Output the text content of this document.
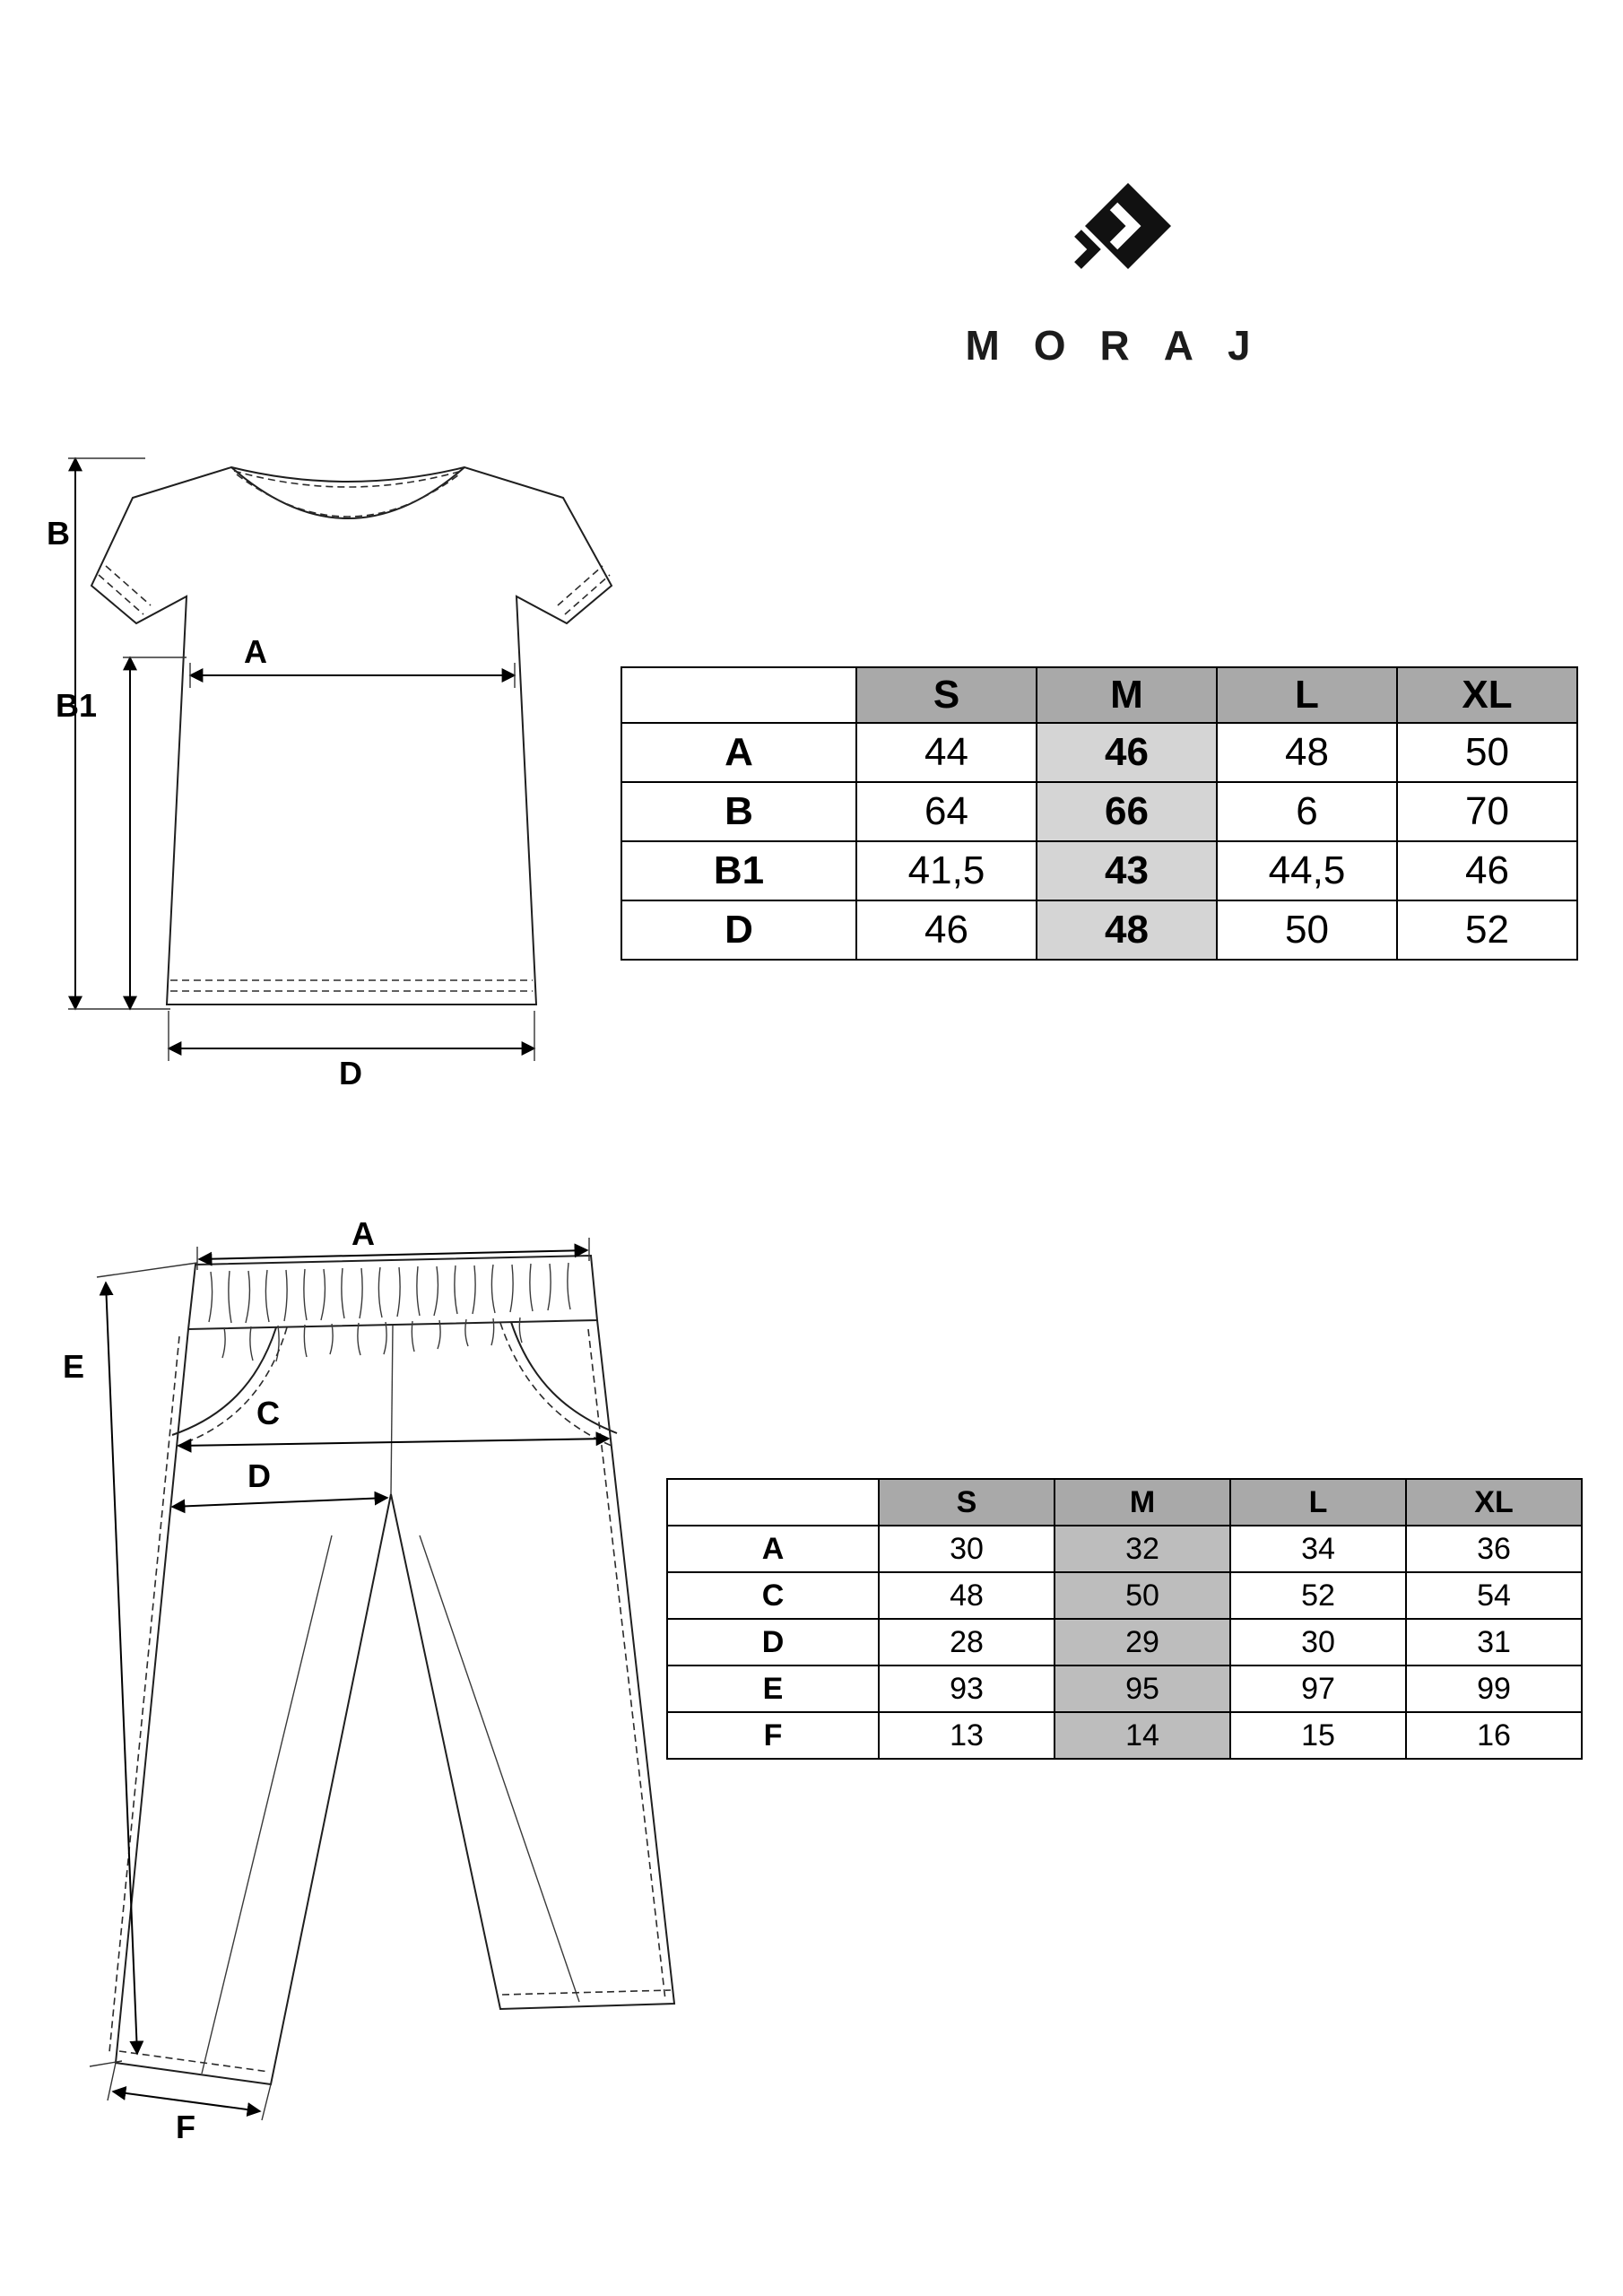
MORAJ
B
B1
A
D
	S	M	L	XL
A	44	46	48	50
B	64	66	6	70
B1	41,5	43	44,5	46
D	46	48	50	52
A
E
C
D
F
	S	M	L	XL
A	30	32	34	36
C	48	50	52	54
D	28	29	30	31
E	93	95	97	99
F	13	14	15	16
